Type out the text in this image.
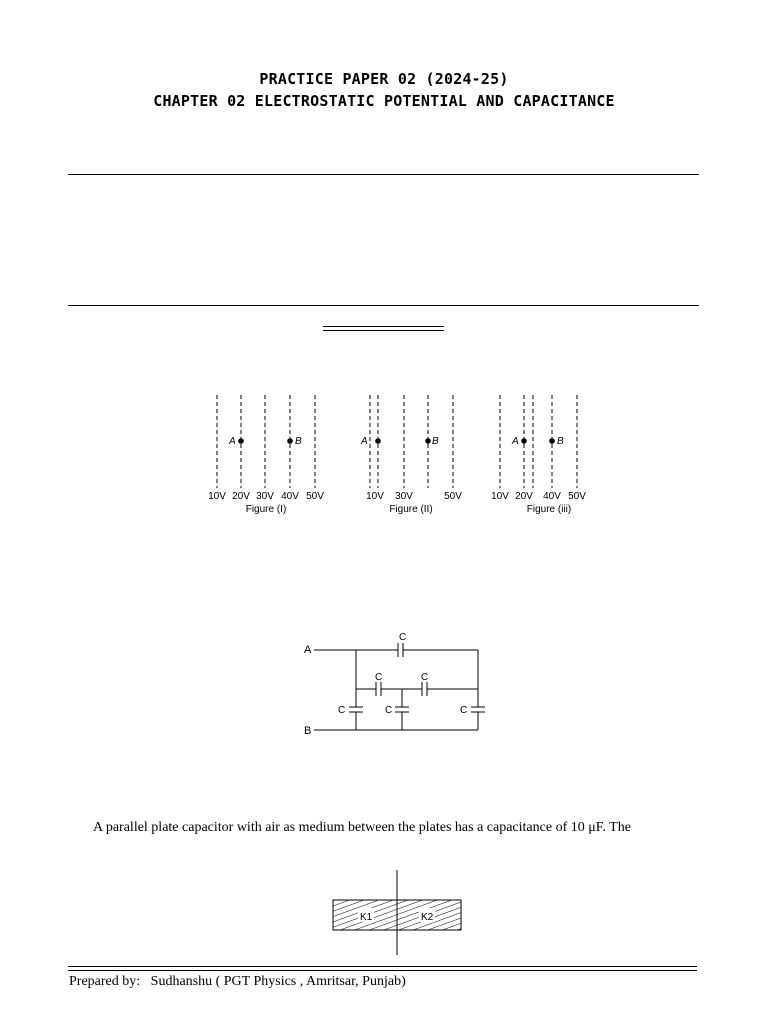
PRACTICE PAPER 02 (2024-25)
CHAPTER 02 ELECTROSTATIC POTENTIAL AND CAPACITANCE
A	B
10V 20V 30V 40V 50V
Figure (I)
A	B
10V 30V	50V
Figure (II)
A	B
10V 20V 40V 50V
Figure (iii)
A
B
C
C	C
C	C	C
K1	K2
A parallel plate capacitor with air as medium between the plates has a capacitance of 10 μF. The
Prepared by: Sudhanshu ( PGT Physics , Amritsar, Punjab)
